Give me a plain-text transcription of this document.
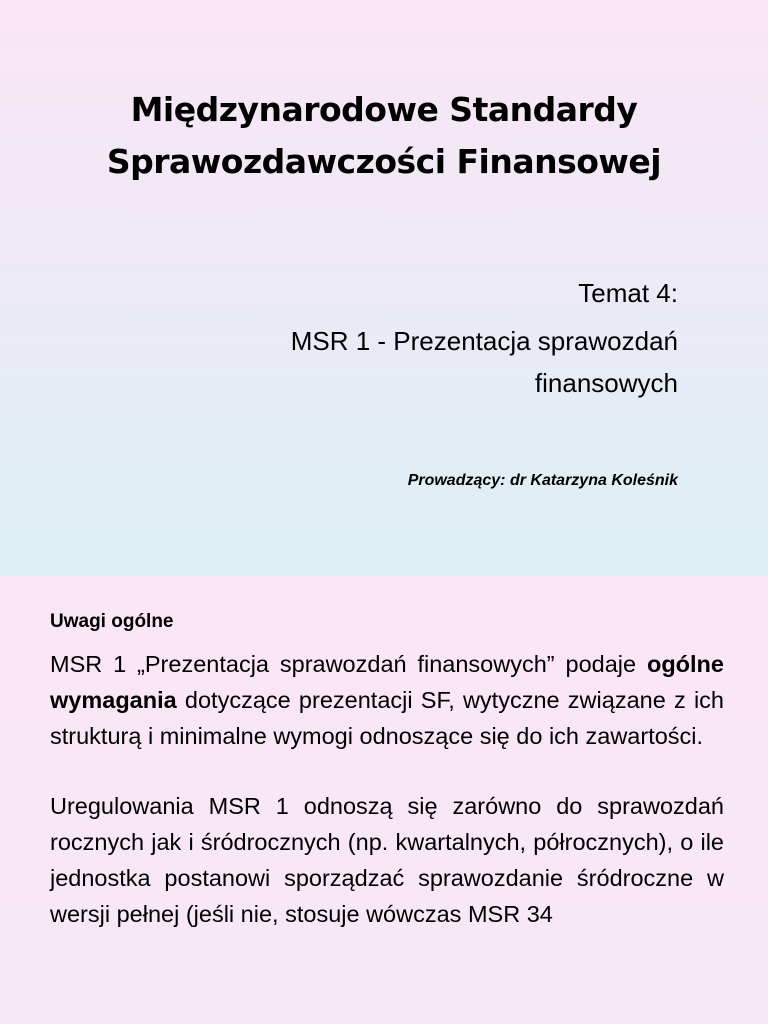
Międzynarodowe Standardy
Sprawozdawczości Finansowej
Temat 4:
MSR 1 - Prezentacja sprawozdań
finansowych
Prowadzący: dr Katarzyna Koleśnik
Uwagi ogólne

MSR 1 „Prezentacja sprawozdań finansowych” podaje ogólne wymagania dotyczące prezentacji SF, wytyczne związane z ich strukturą i minimalne wymogi odnoszące się do ich zawartości.

Uregulowania MSR 1 odnoszą się zarówno do sprawozdań rocznych jak i śródrocznych (np. kwartalnych, półrocznych), o ile jednostka postanowi sporządzać sprawozdanie śródroczne w wersji pełnej (jeśli nie, stosuje wówczas MSR 34
